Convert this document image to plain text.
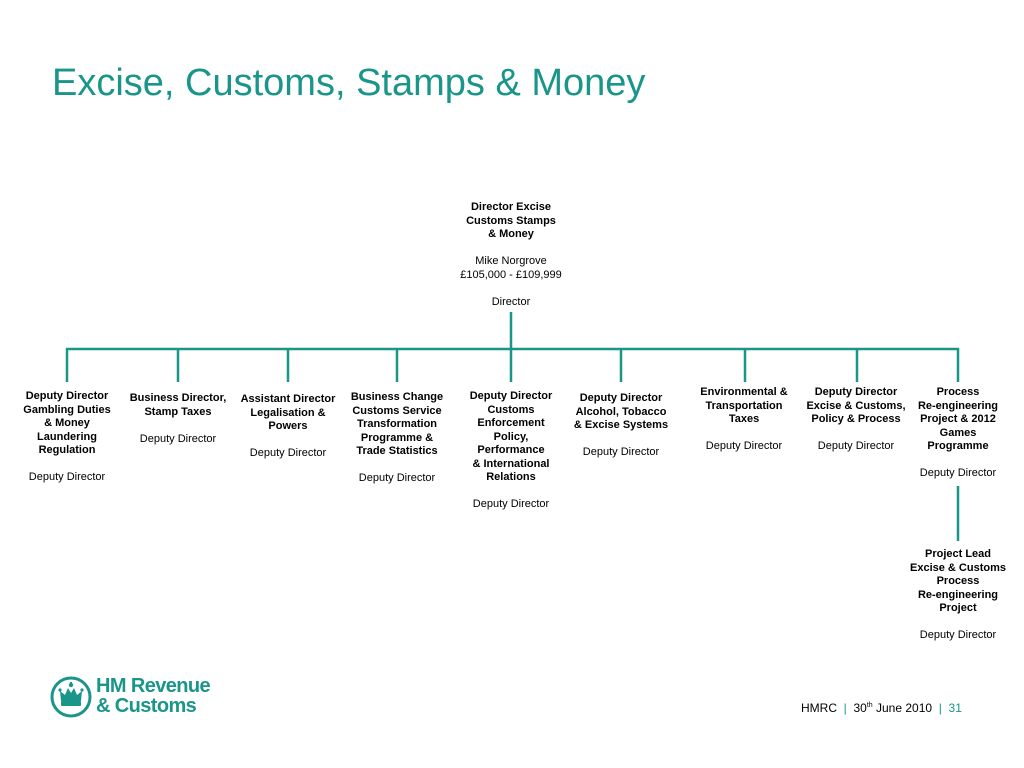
Excise, Customs, Stamps & Money
Director Excise
Customs Stamps
& Money
Mike Norgrove
£105,000 - £109,999
Director
Deputy Director
Gambling Duties
& Money
Laundering
Regulation
Deputy Director
Business Director,
Stamp Taxes
Deputy Director
Assistant Director
Legalisation &
Powers
Deputy Director
Business Change
Customs Service
Transformation
Programme &
Trade Statistics
Deputy Director
Deputy Director
Customs
Enforcement
Policy,
Performance
& International
Relations
Deputy Director
Deputy Director
Alcohol, Tobacco
& Excise Systems
Deputy Director
Environmental &
Transportation
Taxes
Deputy Director
Deputy Director
Excise & Customs,
Policy & Process
Deputy Director
Process
Re-engineering
Project & 2012
Games
Programme
Deputy Director
Project Lead
Excise & Customs
Process
Re-engineering
Project
Deputy Director
HM Revenue
& Customs	HMRC | 30th June 2010 | 31
